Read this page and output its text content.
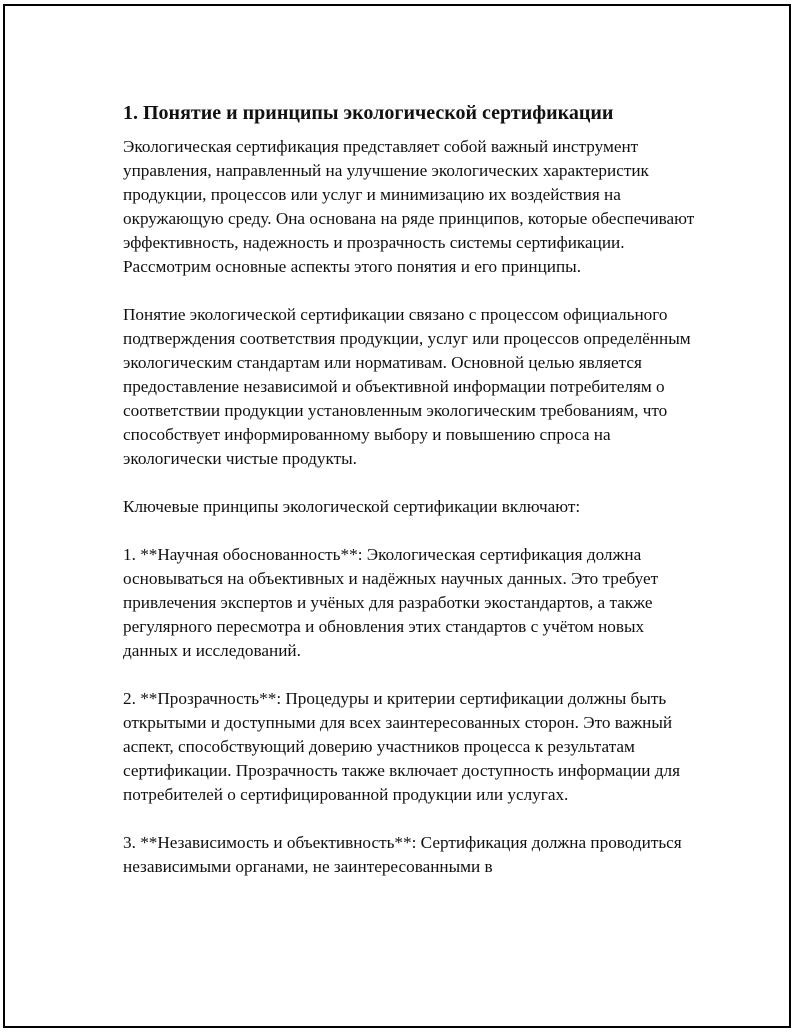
1. Понятие и принципы экологической сертификации

Экологическая сертификация представляет собой важный инструмент управления, направленный на улучшение экологических характеристик продукции, процессов или услуг и минимизацию их воздействия на окружающую среду. Она основана на ряде принципов, которые обеспечивают эффективность, надежность и прозрачность системы сертификации. Рассмотрим основные аспекты этого понятия и его принципы.

Понятие экологической сертификации связано с процессом официального подтверждения соответствия продукции, услуг или процессов определённым экологическим стандартам или нормативам. Основной целью является предоставление независимой и объективной информации потребителям о соответствии продукции установленным экологическим требованиям, что способствует информированному выбору и повышению спроса на экологически чистые продукты.

Ключевые принципы экологической сертификации включают:

1. **Научная обоснованность**: Экологическая сертификация должна основываться на объективных и надёжных научных данных. Это требует привлечения экспертов и учёных для разработки экостандартов, а также регулярного пересмотра и обновления этих стандартов с учётом новых данных и исследований.

2. **Прозрачность**: Процедуры и критерии сертификации должны быть открытыми и доступными для всех заинтересованных сторон. Это важный аспект, способствующий доверию участников процесса к результатам сертификации. Прозрачность также включает доступность информации для потребителей о сертифицированной продукции или услугах.

3. **Независимость и объективность**: Сертификация должна проводиться независимыми органами, не заинтересованными в
